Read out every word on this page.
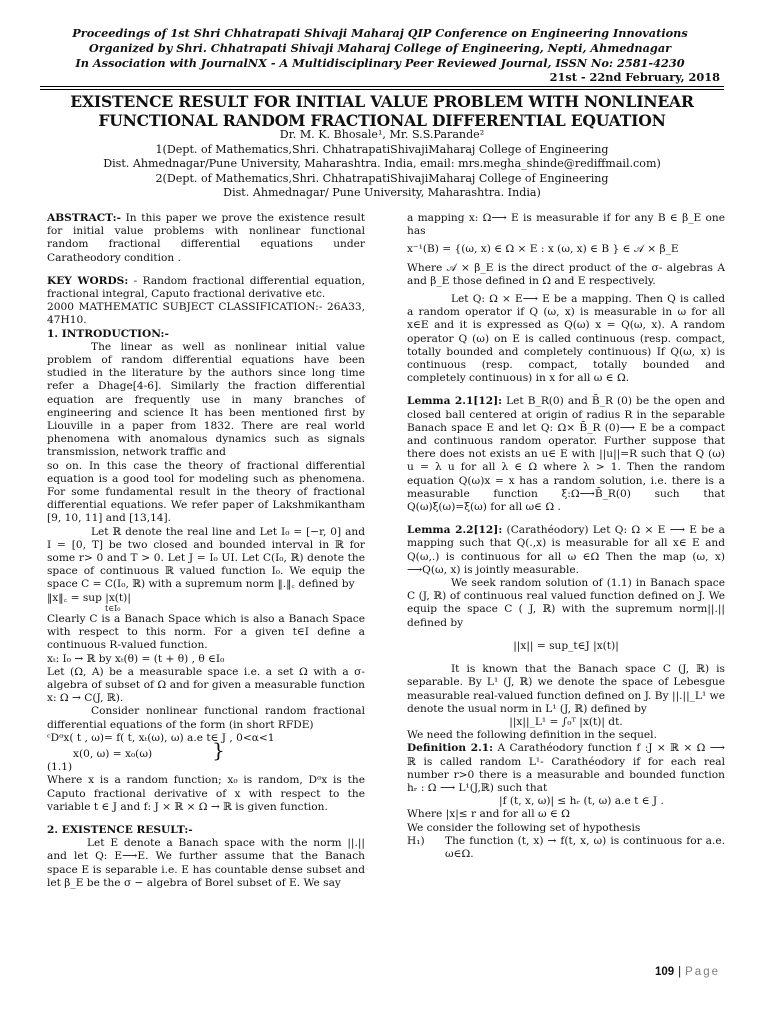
Proceedings of 1st Shri Chhatrapati Shivaji Maharaj QIP Conference on Engineering Innovations
Organized by Shri. Chhatrapati Shivaji Maharaj College of Engineering, Nepti, Ahmednagar
In Association with JournalNX - A Multidisciplinary Peer Reviewed Journal, ISSN No: 2581-4230
21st - 22nd February, 2018
EXISTENCE RESULT FOR INITIAL VALUE PROBLEM WITH NONLINEAR
FUNCTIONAL RANDOM FRACTIONAL DIFFERENTIAL EQUATION
Dr. M. K. Bhosale¹, Mr. S.S.Parande²
1(Dept. of Mathematics,Shri. ChhatrapatiShivajiMaharaj College of Engineering
Dist. Ahmednagar/Pune University, Maharashtra. India, email: mrs.megha_shinde@rediffmail.com)
2(Dept. of Mathematics,Shri. ChhatrapatiShivajiMaharaj College of Engineering
Dist. Ahmednagar/ Pune University, Maharashtra. India)

ABSTRACT:- In this paper we prove the existence result for initial value problems with nonlinear functional random fractional differential equations under Caratheodory condition .

KEY WORDS: - Random fractional differential equation, fractional integral, Caputo fractional derivative etc.

2000 MATHEMATIC SUBJECT CLASSIFICATION:- 26A33, 47H10.

1. INTRODUCTION:-

The linear as well as nonlinear initial value problem of random differential equations have been studied in the literature by the authors since long time refer a Dhage[4-6]. Similarly the fraction differential equation are frequently use in many branches of engineering and science It has been mentioned first by Liouville in a paper from 1832. There are real world phenomena with anomalous dynamics such as signals transmission, network traffic and

so on. In this case the theory of fractional differential equation is a good tool for modeling such as phenomena. For some fundamental result in the theory of fractional differential equations. We refer paper of Lakshmikantham [9, 10, 11] and [13,14].

Let ℝ denote the real line and Let I₀ = [−r, 0] and I = [0, T] be two closed and bounded interval in ℝ for some r> 0 and T > 0. Let J = I₀ UI. Let C(I₀, ℝ) denote the space of continuous ℝ valued function I₀. We equip the space C = C(I₀, ℝ) with a supremum norm ‖.‖꜀ defined by

‖x‖꜀ = sup |x(t)|

t∈I₀

Clearly C is a Banach Space which is also a Banach Space with respect to this norm. For a given t∈I define a continuous R-valued function.

xₜ: I₀ → ℝ by xₜ(θ) = (t + θ) , θ ∈I₀

Let (Ω, A) be a measurable space i.e. a set Ω with a σ-algebra of subset of Ω and for given a measurable function x: Ω → C(J, ℝ).

Consider nonlinear functional random fractional differential equations of the form (in short RFDE)

ᶜDᵅx( t , ω)= f( t, xₜ(ω), ω) a.e t∈ J , 0<α<1

x(0, ω) = x₀(ω)	}

(1.1)

Where x is a random function; x₀ is random, Dᵅx is the Caputo fractional derivative of x with respect to the variable t ∈ J and f: J × ℝ × Ω → ℝ is given function.

2. EXISTENCE RESULT:-

Let E denote a Banach space with the norm ||.|| and let Q: E⟶E. We further assume that the Banach space E is separable i.e. E has countable dense subset and let β_E be the σ − algebra of Borel subset of E. We say

a mapping x: Ω⟶ E is measurable if for any B ∈ β_E one has

x⁻¹(B) = {(ω, x) ∈ Ω × E : x (ω, x) ∈ B } ∈ 𝒜 × β_E

Where 𝒜 × β_E is the direct product of the σ- algebras A and β_E those defined in Ω and E respectively.

Let Q: Ω × E⟶ E be a mapping. Then Q is called a random operator if Q (ω, x) is measurable in ω for all x∈E and it is expressed as Q(ω) x = Q(ω, x). A random operator Q (ω) on E is called continuous (resp. compact, totally bounded and completely continuous) If Q(ω, x) is continuous (resp. compact, totally bounded and completely continuous) in x for all ω ∈ Ω.

Lemma 2.1[12]: Let B_R(0) and B̄_R (0) be the open and closed ball centered at origin of radius R in the separable Banach space E and let Q: Ω× B̄_R (0)⟶ E be a compact and continuous random operator. Further suppose that there does not exists an u∈ E with ||u||=R such that Q (ω) u = λ u for all λ ∈ Ω where λ > 1. Then the random equation Q(ω)x = x has a random solution, i.e. there is a measurable function ξ:Ω⟶B̄_R(0) such that Q(ω)ξ(ω)=ξ(ω) for all ω∈ Ω .

Lemma 2.2[12]: (Carathéodory) Let Q: Ω × E ⟶ E be a mapping such that Q(.,x) is measurable for all x∈ E and Q(ω,.) is continuous for all ω ∈Ω Then the map (ω, x) ⟶Q(ω, x) is jointly measurable.

We seek random solution of (1.1) in Banach space C (J, ℝ) of continuous real valued function defined on J. We equip the space C ( J, ℝ) with the supremum norm||.|| defined by

||x|| = sup_t∈J |x(t)|

It is known that the Banach space C (J, ℝ) is separable. By L¹ (J, ℝ) we denote the space of Lebesgue measurable real-valued function defined on J. By ||.||_L¹ we denote the usual norm in L¹ (J, ℝ) defined by

||x||_L¹ = ∫₀ᵀ |x(t)| dt.

We need the following definition in the sequel.

Definition 2.1: A Carathéodory function f :J × ℝ × Ω ⟶ ℝ is called random L¹- Carathéodory if for each real number r>0 there is a measurable and bounded function hᵣ : Ω ⟶ L¹(J,ℝ) such that

|f (t, x, ω)| ≤ hᵣ (t, ω) a.e t ∈ J .

Where |x|≤ r and for all ω ∈ Ω

We consider the following set of hypothesis

H₁)	The function (t, x) → f(t, x, ω) is continuous for a.e. ω∈Ω.
109 | Page
